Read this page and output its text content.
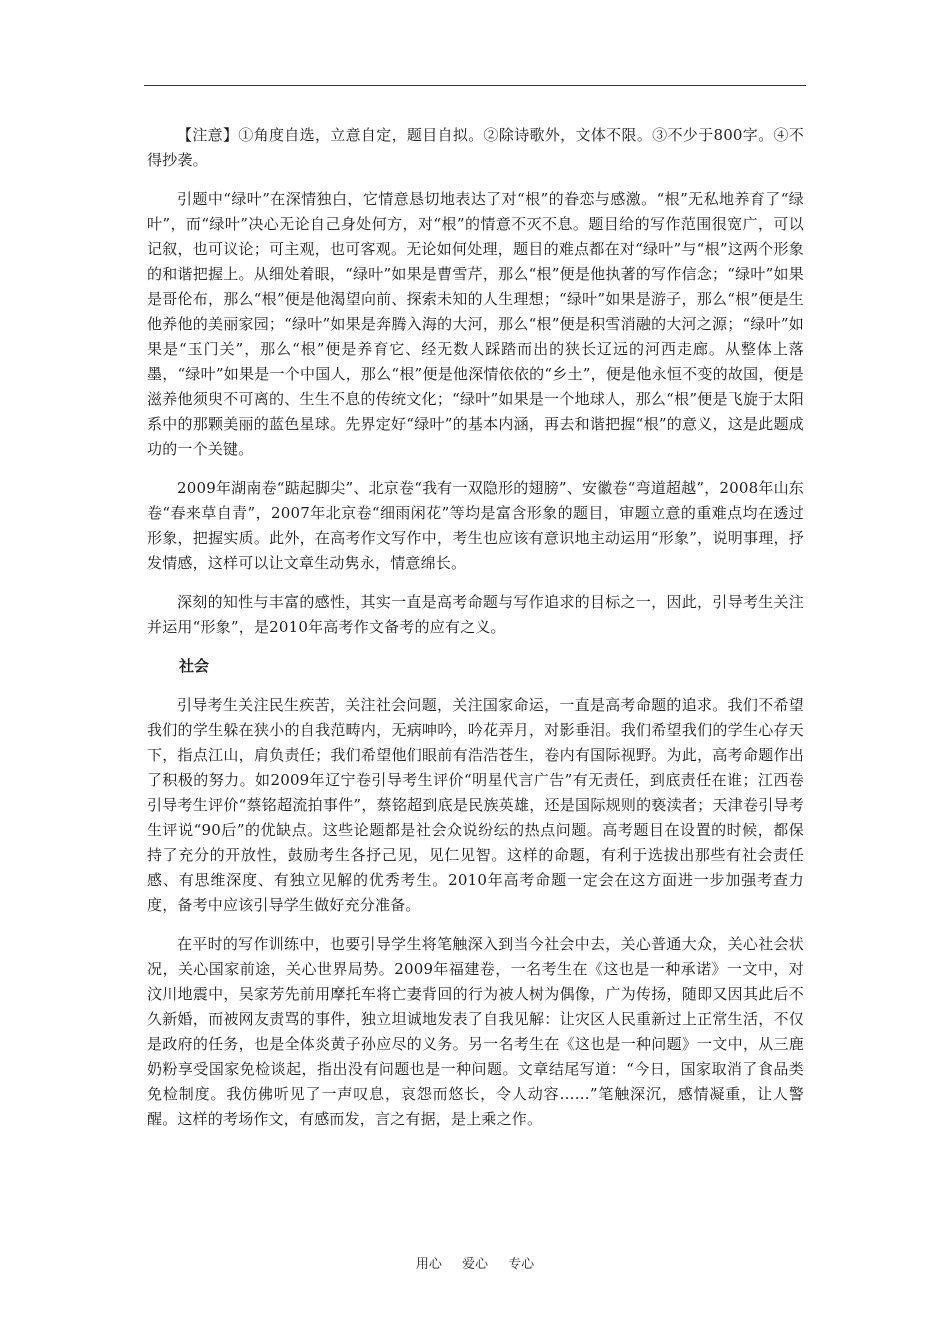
【注意】①角度自选，立意自定，题目自拟。②除诗歌外，文体不限。③不少于800字。④不得抄袭。

引题中“绿叶”在深情独白，它情意恳切地表达了对“根”的眷恋与感激。“根”无私地养育了“绿叶”，而“绿叶”决心无论自己身处何方，对“根”的情意不灭不息。题目给的写作范围很宽广，可以记叙，也可议论；可主观，也可客观。无论如何处理，题目的难点都在对“绿叶”与“根”这两个形象的和谐把握上。从细处着眼，“绿叶”如果是曹雪芹，那么“根”便是他执著的写作信念；“绿叶”如果是哥伦布，那么“根”便是他渴望向前、探索未知的人生理想；“绿叶”如果是游子，那么“根”便是生他养他的美丽家园；“绿叶”如果是奔腾入海的大河，那么“根”便是积雪消融的大河之源；“绿叶”如果是“玉门关”，那么“根”便是养育它、经无数人踩踏而出的狭长辽远的河西走廊。从整体上落墨，“绿叶”如果是一个中国人，那么“根”便是他深情依依的“乡土”，便是他永恒不变的故国，便是滋养他须臾不可离的、生生不息的传统文化；“绿叶”如果是一个地球人，那么“根”便是飞旋于太阳系中的那颗美丽的蓝色星球。先界定好“绿叶”的基本内涵，再去和谐把握“根”的意义，这是此题成功的一个关键。

2009年湖南卷“踮起脚尖”、北京卷“我有一双隐形的翅膀”、安徽卷“弯道超越”，2008年山东卷“春来草自青”，2007年北京卷“细雨闲花”等均是富含形象的题目，审题立意的重难点均在透过形象，把握实质。此外，在高考作文写作中，考生也应该有意识地主动运用“形象”，说明事理，抒发情感，这样可以让文章生动隽永，情意绵长。

深刻的知性与丰富的感性，其实一直是高考命题与写作追求的目标之一，因此，引导考生关注并运用“形象”，是2010年高考作文备考的应有之义。

社会

引导考生关注民生疾苦，关注社会问题，关注国家命运，一直是高考命题的追求。我们不希望我们的学生躲在狭小的自我范畴内，无病呻吟，吟花弄月，对影垂泪。我们希望我们的学生心存天下，指点江山，肩负责任；我们希望他们眼前有浩浩苍生，卷内有国际视野。为此，高考命题作出了积极的努力。如2009年辽宁卷引导考生评价“明星代言广告”有无责任，到底责任在谁；江西卷引导考生评价“蔡铭超流拍事件”，蔡铭超到底是民族英雄，还是国际规则的亵渎者；天津卷引导考生评说“90后”的优缺点。这些论题都是社会众说纷纭的热点问题。高考题目在设置的时候，都保持了充分的开放性，鼓励考生各抒己见，见仁见智。这样的命题，有利于选拔出那些有社会责任感、有思维深度、有独立见解的优秀考生。2010年高考命题一定会在这方面进一步加强考查力度，备考中应该引导学生做好充分准备。

在平时的写作训练中，也要引导学生将笔触深入到当今社会中去，关心普通大众，关心社会状况，关心国家前途，关心世界局势。2009年福建卷，一名考生在《这也是一种承诺》一文中，对汶川地震中，吴家芳先前用摩托车将亡妻背回的行为被人树为偶像，广为传扬，随即又因其此后不久新婚，而被网友责骂的事件，独立坦诚地发表了自我见解：让灾区人民重新过上正常生活，不仅是政府的任务，也是全体炎黄子孙应尽的义务。另一名考生在《这也是一种问题》一文中，从三鹿奶粉享受国家免检谈起，指出没有问题也是一种问题。文章结尾写道：“今日，国家取消了食品类免检制度。我仿佛听见了一声叹息，哀怨而悠长，令人动容……”笔触深沉，感情凝重，让人警醒。这样的考场作文，有感而发，言之有据，是上乘之作。

用心 爱心 专心
